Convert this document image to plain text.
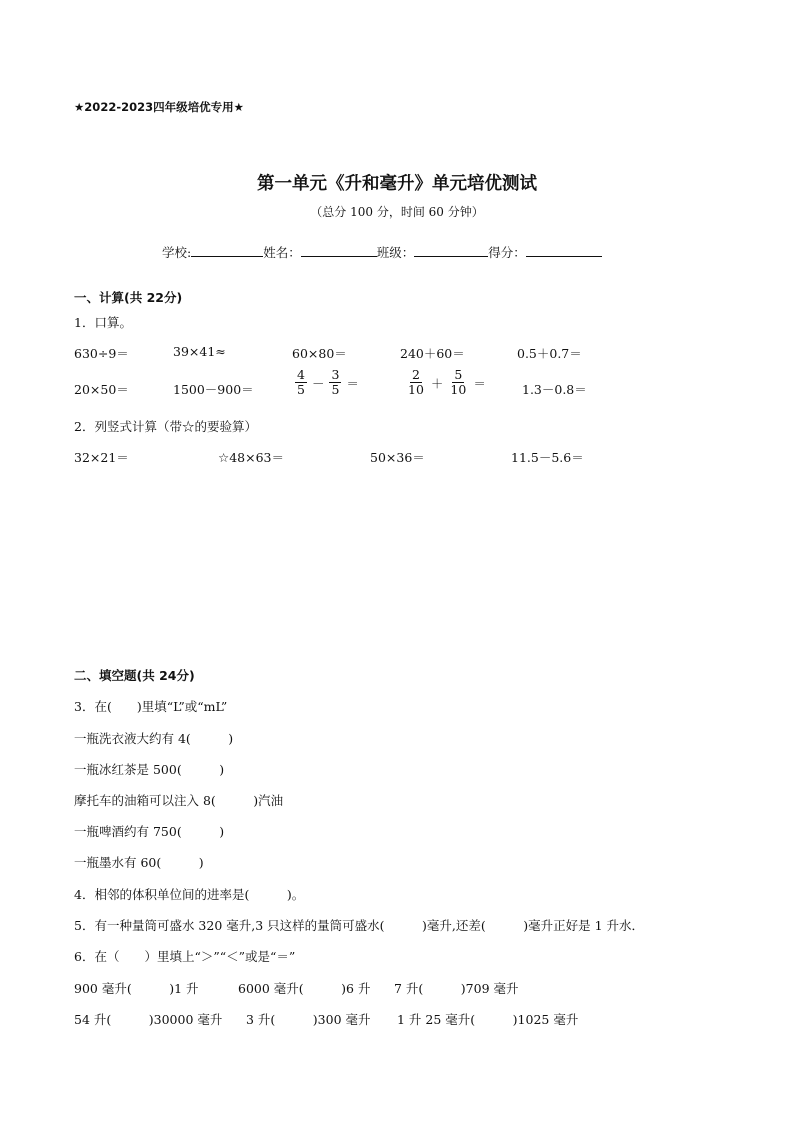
★2022-2023四年级培优专用★
第一单元《升和毫升》单元培优测试
（总分 100 分，时间 60 分钟）
学校:	姓名：	班级：	得分：
一、计算(共 22分)
1．口算。
630÷9＝	39×41≈	60×80＝	240＋60＝	0.5＋0.7＝
20×50＝	1500－900＝	$\frac{4}{5} - \frac{3}{5}$ ＝	$\frac{2}{10} + \frac{5}{10}$ ＝	1.3－0.8＝
2．列竖式计算（带☆的要验算）
32×21＝	☆48×63＝	50×36＝	11.5－5.6＝
二、填空题(共 24分)
3．在(　　)里填“L”或“mL”
一瓶洗衣液大约有 4(　　　)
一瓶冰红茶是 500(　　　)
摩托车的油箱可以注入 8(　　　)汽油
一瓶啤酒约有 750(　　　)
一瓶墨水有 60(　　　)
4．相邻的体积单位间的进率是(　　　)。
5．有一种量筒可盛水 320 毫升,3 只这样的量筒可盛水(　　　)毫升,还差(　　　)毫升正好是 1 升水．
6．在（　　）里填上“＞”“＜”或是“＝”
900 毫升(　　　)1 升	6000 毫升(　　　)6 升 7 升(　　　)709 毫升
54 升(　　　)30000 毫升 3 升(　　　)300 毫升 1 升 25 毫升(　　　)1025 毫升
